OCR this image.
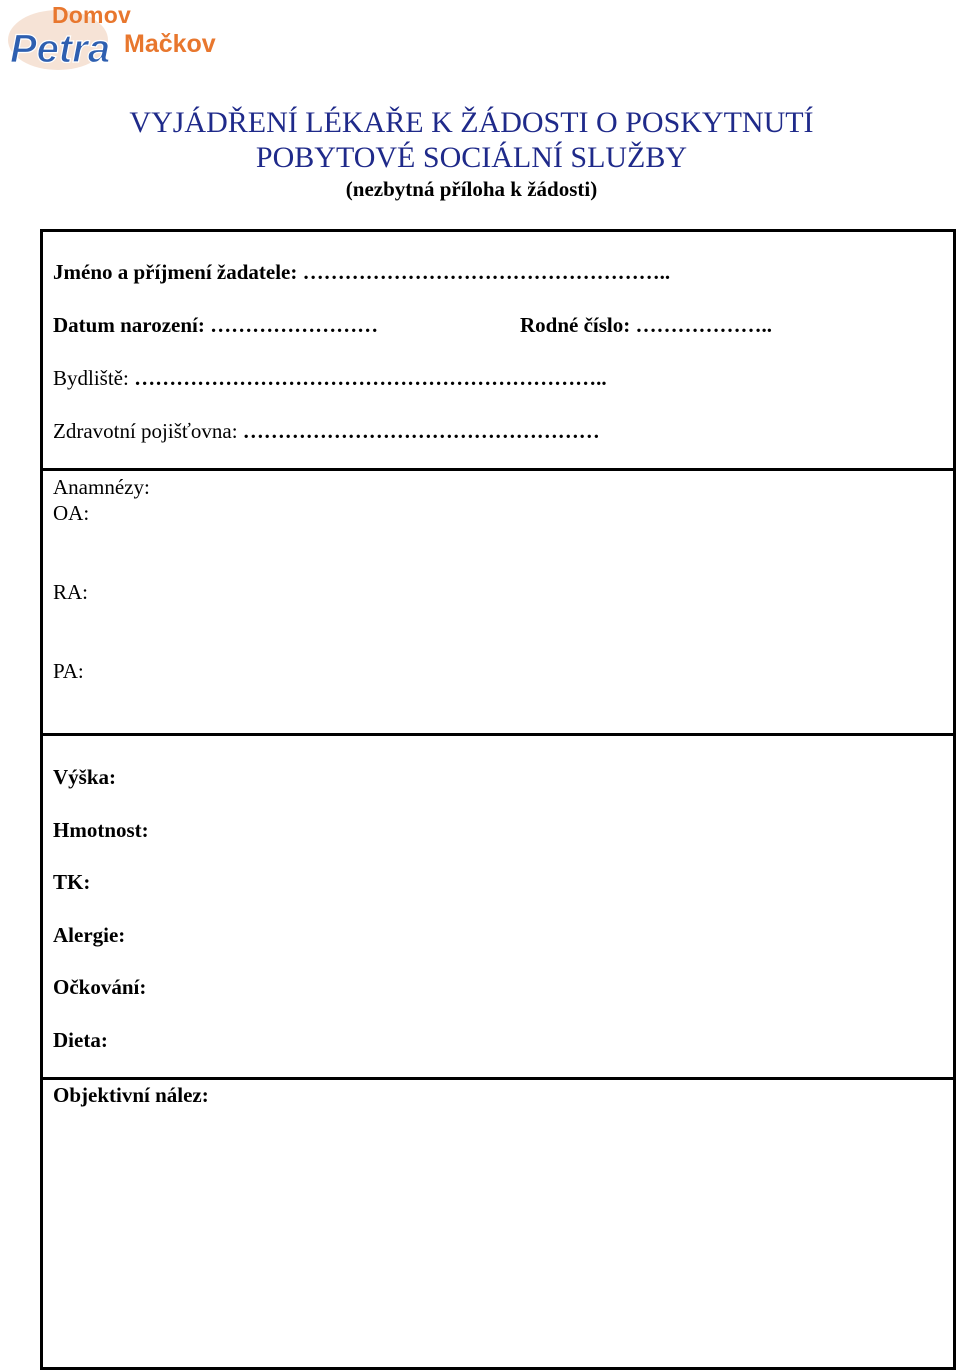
Petra
Domov
Mačkov
VYJÁDŘENÍ LÉKAŘE K ŽÁDOSTI O POSKYTNUTÍ
POBYTOVÉ SOCIÁLNÍ SLUŽBY
(nezbytná příloha k žádosti)
Jméno a příjmení žadatele: ……………………………………………..
Datum narození: ……………………	Rodné číslo: ………………..
Bydliště: …………………………………………………………..
Zdravotní pojišťovna: ……………………………………………
Anamnézy:
OA:
RA:
PA:
Výška:
Hmotnost:
TK:
Alergie:
Očkování:
Dieta:
Objektivní nález:
